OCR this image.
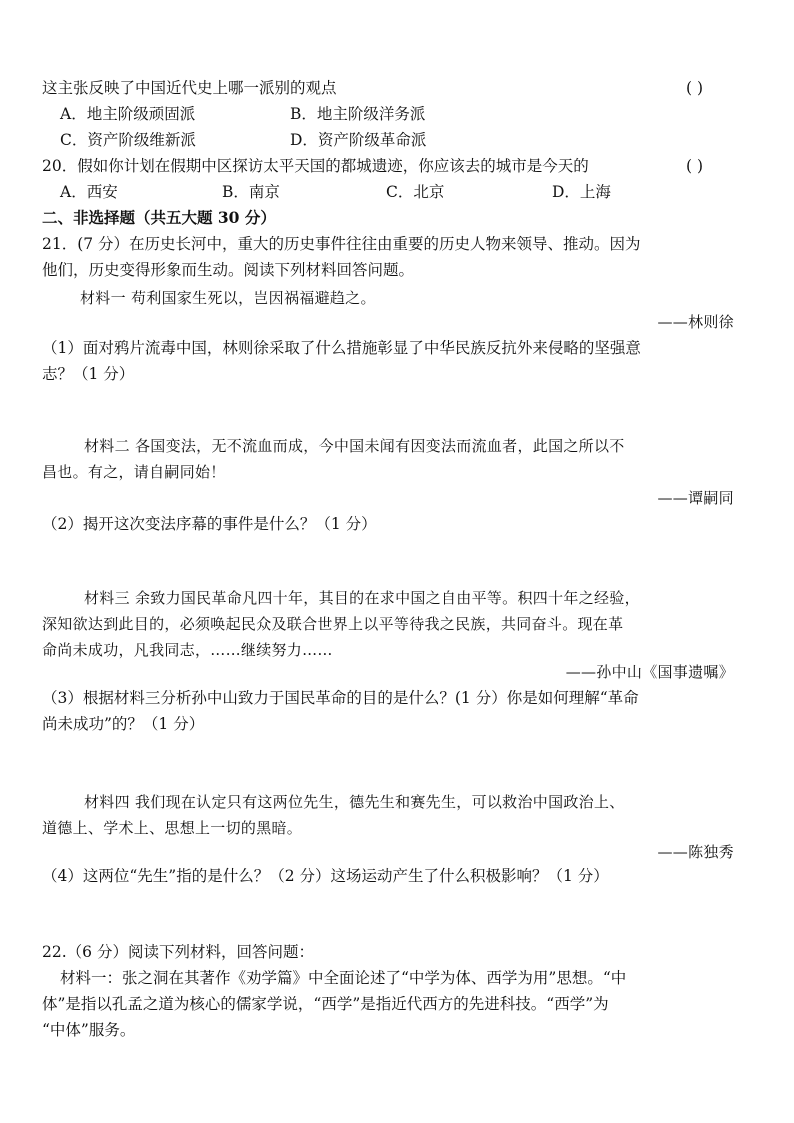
这主张反映了中国近代史上哪一派别的观点	( )
A．地主阶级顽固派	B．地主阶级洋务派
C．资产阶级维新派	D．资产阶级革命派
20．假如你计划在假期中区探访太平天国的都城遗迹，你应该去的城市是今天的	( )
A．西安	B．南京	C．北京	D．上海
二、非选择题（共五大题 30 分）
21．(7 分）在历史长河中，重大的历史事件往往由重要的历史人物来领导、推动。因为
他们，历史变得形象而生动。阅读下列材料回答问题。
材料一 苟利国家生死以，岂因祸福避趋之。
——林则徐
（1）面对鸦片流毒中国，林则徐采取了什么措施彰显了中华民族反抗外来侵略的坚强意
志？（1 分）
材料二 各国变法，无不流血而成，今中国未闻有因变法而流血者，此国之所以不
昌也。有之，请自嗣同始！
——谭嗣同
（2）揭开这次变法序幕的事件是什么？（1 分）
材料三 余致力国民革命凡四十年，其目的在求中国之自由平等。积四十年之经验，
深知欲达到此目的，必须唤起民众及联合世界上以平等待我之民族，共同奋斗。现在革
命尚未成功，凡我同志，……继续努力……
——孙中山《国事遗嘱》
（3）根据材料三分析孙中山致力于国民革命的目的是什么？(1 分）你是如何理解“革命
尚未成功”的？（1 分）
材料四 我们现在认定只有这两位先生，德先生和赛先生，可以救治中国政治上、
道德上、学术上、思想上一切的黑暗。
——陈独秀
（4）这两位“先生”指的是什么？（2 分）这场运动产生了什么积极影响？（1 分）
22.（6 分）阅读下列材料，回答问题：
材料一：张之洞在其著作《劝学篇》中全面论述了“中学为体、西学为用”思想。“中
体”是指以孔孟之道为核心的儒家学说，“西学”是指近代西方的先进科技。“西学”为
“中体”服务。
